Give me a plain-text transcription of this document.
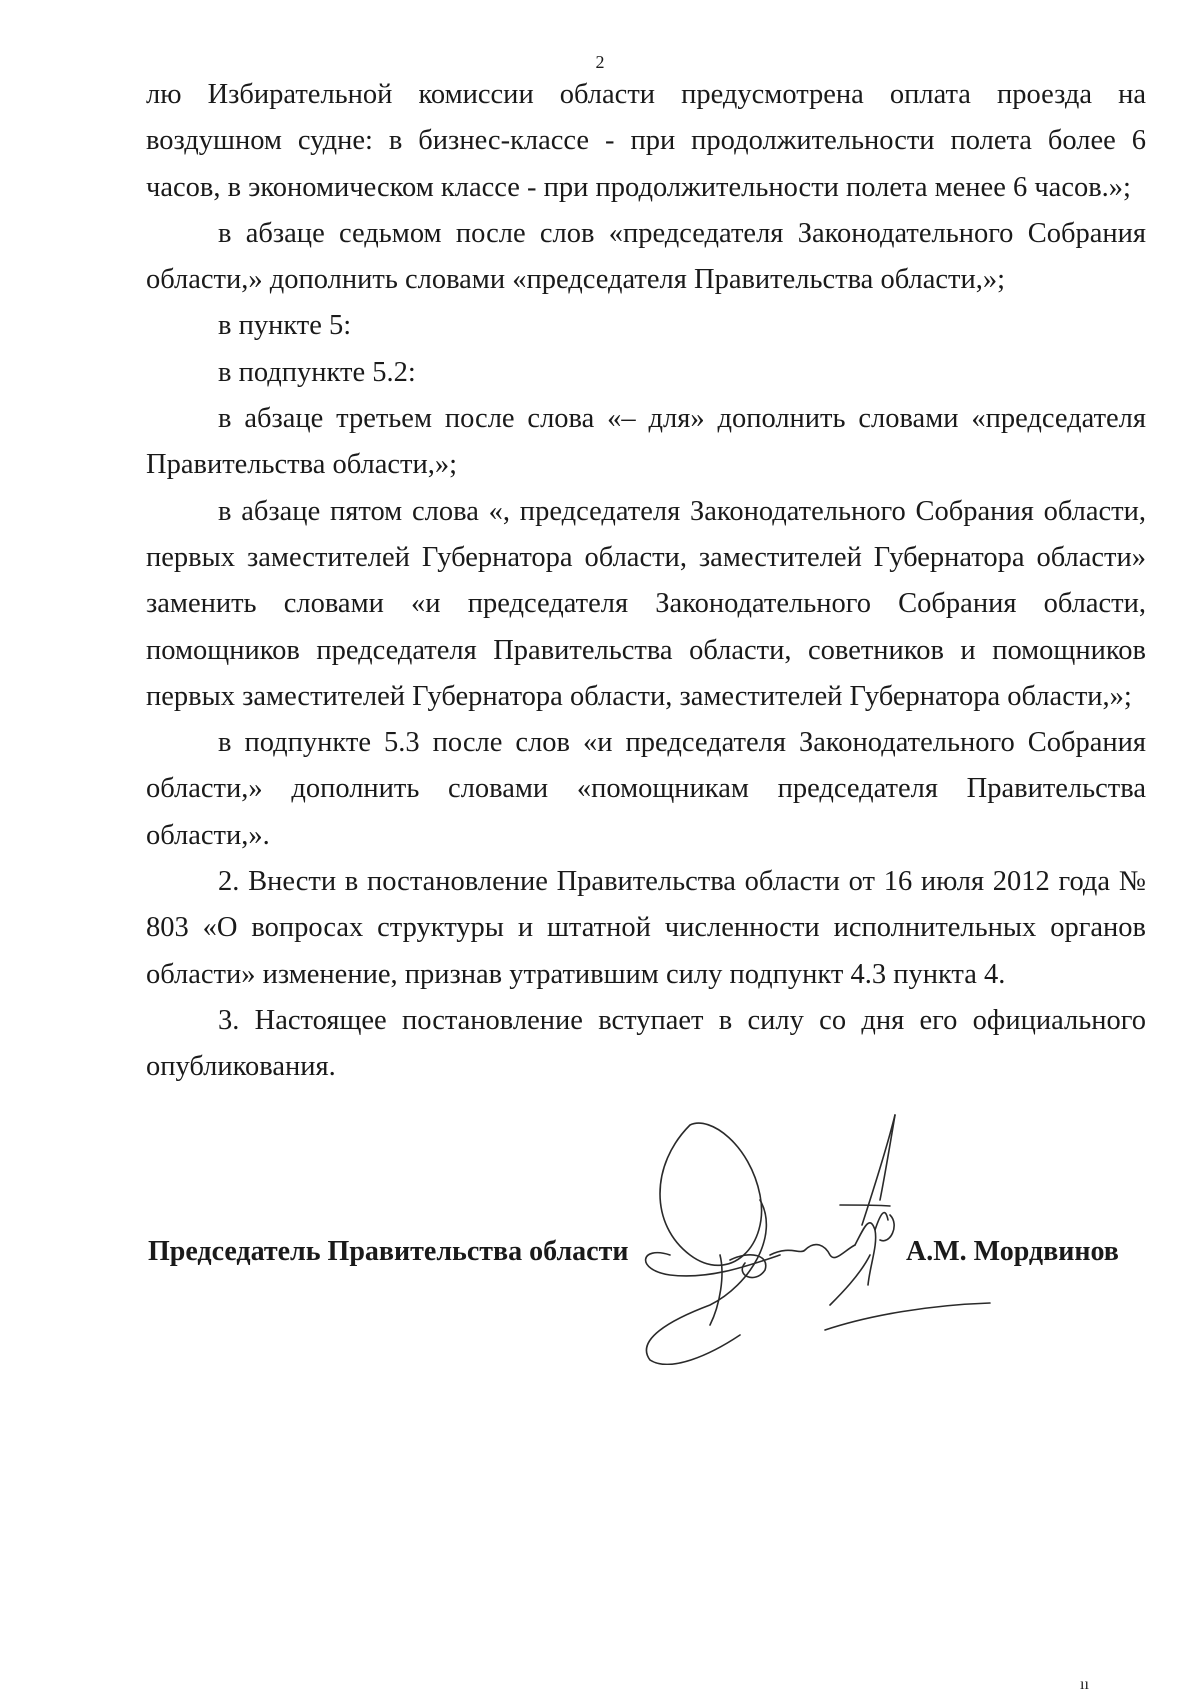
2

лю Избирательной комиссии области предусмотрена оплата проезда на воздушном судне: в бизнес-классе - при продолжительности полета более 6 часов, в экономическом классе - при продолжительности полета менее 6 часов.»;

в абзаце седьмом после слов «председателя Законодательного Собрания области,» дополнить словами «председателя Правительства области,»;

в пункте 5:

в подпункте 5.2:

в абзаце третьем после слова «– для» дополнить словами «председателя Правительства области,»;

в абзаце пятом слова «, председателя Законодательного Собрания области, первых заместителей Губернатора области, заместителей Губернатора области» заменить словами «и председателя Законодательного Собрания области, помощников председателя Правительства области, советников и помощников первых заместителей Губернатора области, заместителей Губернатора области,»;

в подпункте 5.3 после слов «и председателя Законодательного Собрания области,» дополнить словами «помощникам председателя Правительства области,».

2. Внести в постановление Правительства области от 16 июля 2012 года № 803 «О вопросах структуры и штатной численности исполнительных органов области» изменение, признав утратившим силу подпункт 4.3 пункта 4.

3. Настоящее постановление вступает в силу со дня его официального опубликования.

Председатель Правительства области	А.М. Мордвинов
ıı
